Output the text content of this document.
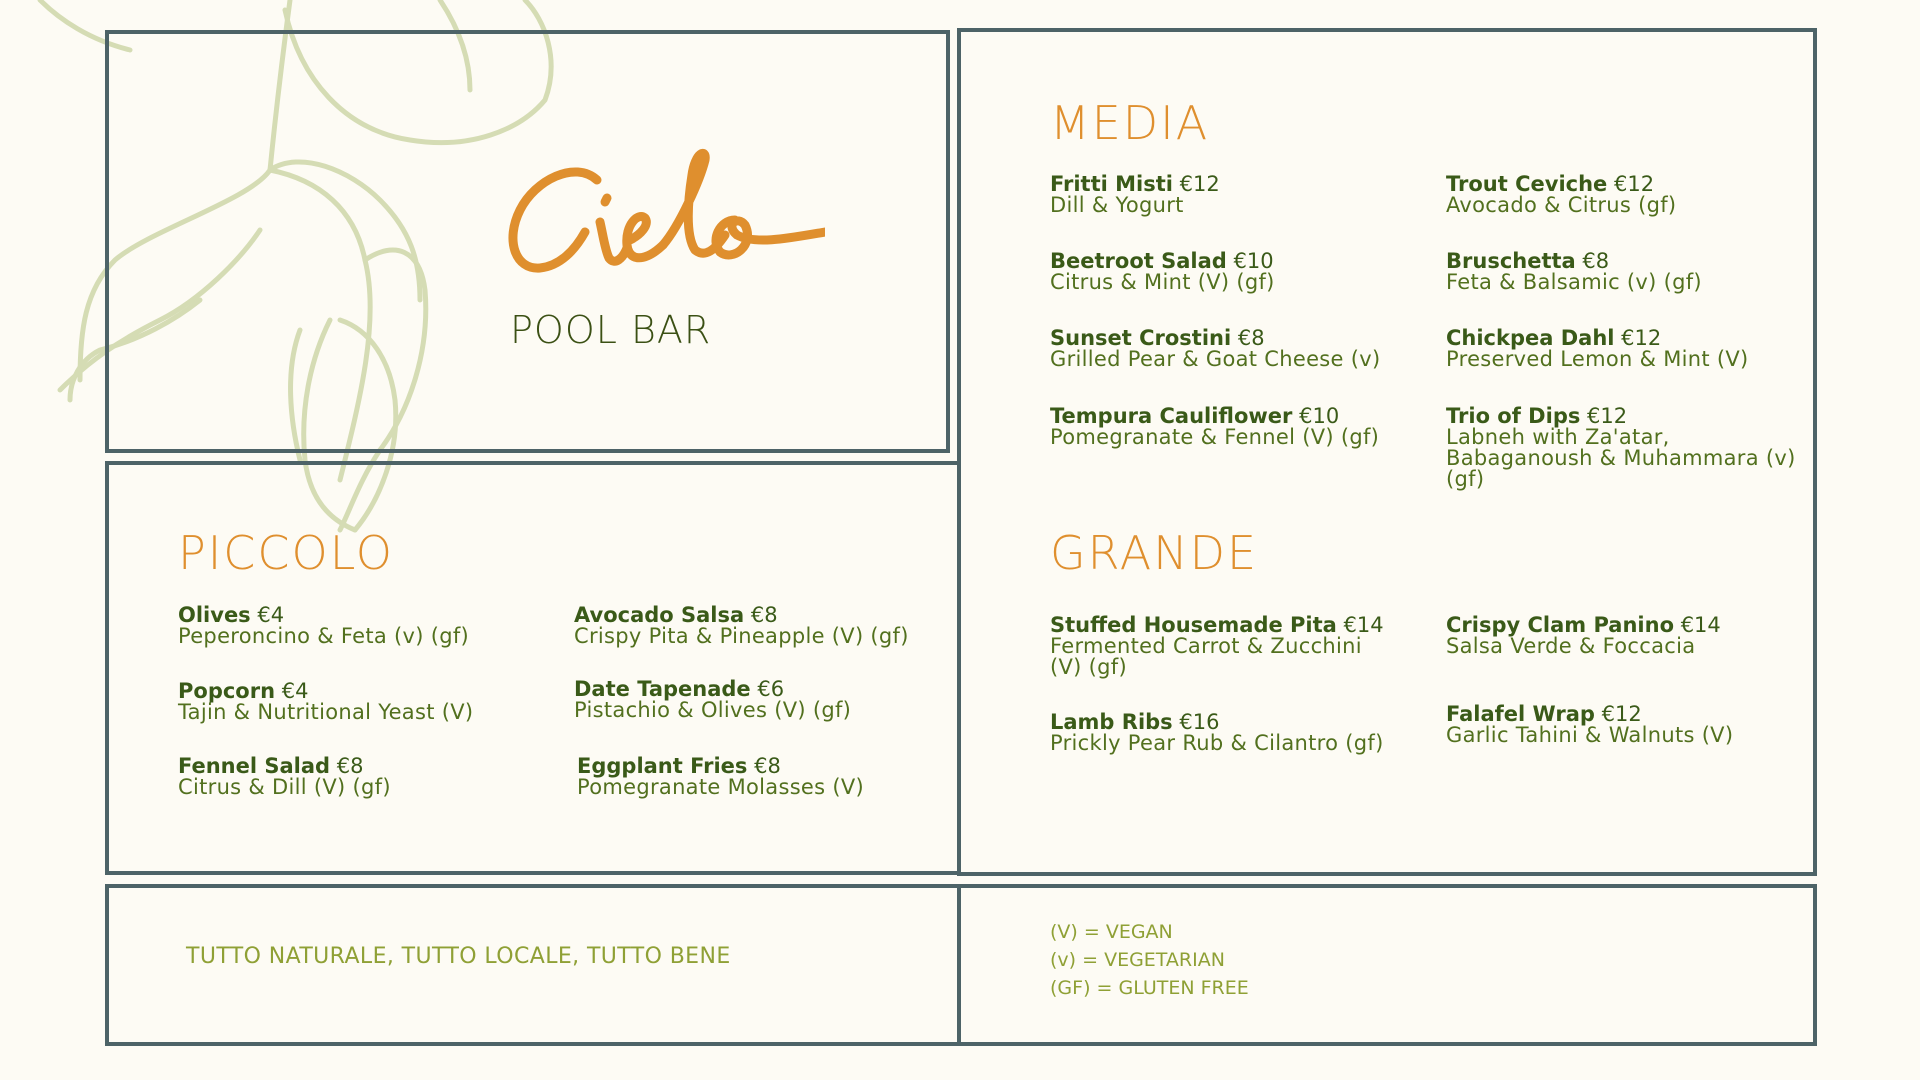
POOL BAR
MEDIA
Fritti Misti €12
Dill & Yogurt
Trout Ceviche €12
Avocado & Citrus (gf)
Beetroot Salad €10
Citrus & Mint (V) (gf)
Bruschetta €8
Feta & Balsamic (v) (gf)
Sunset Crostini €8
Grilled Pear & Goat Cheese (v)
Chickpea Dahl €12
Preserved Lemon & Mint (V)
Tempura Cauliflower €10
Pomegranate & Fennel (V) (gf)
Trio of Dips €12
Labneh with Za'atar, Babaganoush & Muhammara (v) (gf)
GRANDE
Stuffed Housemade Pita €14
Fermented Carrot & Zucchini (V) (gf)
Crispy Clam Panino €14
Salsa Verde & Foccacia
Lamb Ribs €16
Prickly Pear Rub & Cilantro (gf)
Falafel Wrap €12
Garlic Tahini & Walnuts (V)
PICCOLO
Olives €4
Peperoncino & Feta (v) (gf)
Avocado Salsa €8
Crispy Pita & Pineapple (V) (gf)
Popcorn €4
Tajin & Nutritional Yeast (V)
Date Tapenade €6
Pistachio & Olives (V) (gf)
Fennel Salad €8
Citrus & Dill (V) (gf)
Eggplant Fries €8
Pomegranate Molasses (V)
TUTTO NATURALE, TUTTO LOCALE, TUTTO BENE
(V) = VEGAN
(v) = VEGETARIAN
(GF) = GLUTEN FREE
